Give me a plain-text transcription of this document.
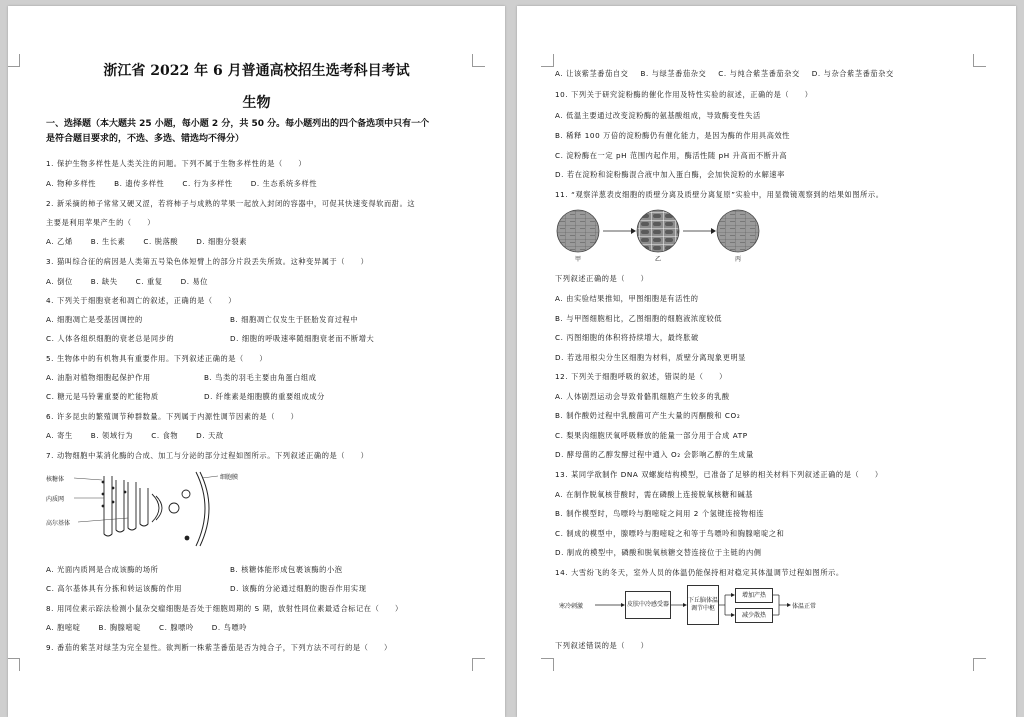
浙江省 2022 年 6 月普通高校招生选考科目考试
生物
一、选择题（本大题共 25 小题，每小题 2 分，共 50 分。每小题列出的四个备选项中只有一个
是符合题目要求的，不选、多选、错选均不得分）
1. 保护生物多样性是人类关注的问题。下列不属于生物多样性的是（　　）
A. 物种多样性	B. 遗传多样性	C. 行为多样性	D. 生态系统多样性
2. 新采摘的柿子常常又硬又涩，若将柿子与成熟的苹果一起放入封闭的容器中，可促其快速变得软而甜。这
主要是利用苹果产生的（　　）
A. 乙烯	B. 生长素	C. 脱落酸	D. 细胞分裂素
3. 猫叫综合征的病因是人类第五号染色体短臂上的部分片段丢失所致。这种变异属于（　　）
A. 倒位	B. 缺失	C. 重复	D. 易位
4. 下列关于细胞衰老和凋亡的叙述，正确的是（　　）
A. 细胞凋亡是受基因调控的	B. 细胞凋亡仅发生于胚胎发育过程中
C. 人体各组织细胞的衰老总是同步的	D. 细胞的呼吸速率随细胞衰老而不断增大
5. 生物体中的有机物具有重要作用。下列叙述正确的是（　　）
A. 油脂对植物细胞起保护作用	B. 鸟类的羽毛主要由角蛋白组成
C. 糖元是马铃薯重要的贮能物质	D. 纤维素是细胞膜的重要组成成分
6. 许多昆虫的繁殖调节种群数量。下列属于内源性调节因素的是（　　）
A. 寄生	B. 领域行为	C. 食物	D. 天敌
7. 动物细胞中某消化酶的合成、加工与分泌的部分过程如图所示。下列叙述正确的是（　　）
核糖体
内质网
高尔基体
细胞膜
A. 光面内质网是合成该酶的场所	B. 核糖体能形成包裹该酶的小泡
C. 高尔基体具有分拣和转运该酶的作用	D. 该酶的分泌通过细胞的胞吞作用实现
8. 用同位素示踪法检测小鼠杂交瘤细胞是否处于细胞周期的 S 期，放射性同位素最适合标记在（　　）
A. 胞嘧啶	B. 胸腺嘧啶	C. 腺嘌呤	D. 鸟嘌呤
9. 番茄的紫茎对绿茎为完全显性。欲判断一株紫茎番茄是否为纯合子，下列方法不可行的是（　　）
A. 让该紫茎番茄自交 B. 与绿茎番茄杂交 C. 与纯合紫茎番茄杂交 D. 与杂合紫茎番茄杂交
10. 下列关于研究淀粉酶的催化作用及特性实验的叙述，正确的是（　　）
A. 低温主要通过改变淀粉酶的氨基酸组成，导致酶变性失活
B. 稀释 100 万倍的淀粉酶仍有催化能力，是因为酶的作用具高效性
C. 淀粉酶在一定 pH 范围内起作用，酶活性随 pH 升高而不断升高
D. 若在淀粉和淀粉酶混合液中加入蛋白酶，会加快淀粉的水解速率
11. “观察洋葱表皮细胞的质壁分离及质壁分离复原”实验中，用显微镜观察到的结果如图所示。
甲	乙	丙
下列叙述正确的是（　　）
A. 由实验结果推知，甲图细胞是有活性的
B. 与甲图细胞相比，乙图细胞的细胞液浓度较低
C. 丙图细胞的体积将持续增大，最终胀破
D. 若选用根尖分生区细胞为材料，质壁分离现象更明显
12. 下列关于细胞呼吸的叙述，错误的是（　　）
A. 人体剧烈运动会导致骨骼肌细胞产生较多的乳酸
B. 制作酸奶过程中乳酸菌可产生大量的丙酮酸和 CO₂
C. 梨果肉细胞厌氧呼吸释放的能量一部分用于合成 ATP
D. 酵母菌的乙醇发酵过程中通入 O₂ 会影响乙醇的生成量
13. 某同学欲制作 DNA 双螺旋结构模型，已准备了足够的相关材料下列叙述正确的是（　　）
A. 在制作脱氧核苷酸时，需在磷酸上连接脱氧核糖和碱基
B. 制作模型时，鸟嘌呤与胞嘧啶之间用 2 个氢键连接物相连
C. 制成的模型中，腺嘌呤与胞嘧啶之和等于鸟嘌呤和胸腺嘧啶之和
D. 制成的模型中，磷酸和脱氧核糖交替连接位于主链的内侧
14. 大雪纷飞的冬天，室外人员的体温仍能保持相对稳定其体温调节过程如图所示。
寒冷刺激	皮肤中冷感受器
下丘脑体温调节中枢
增加产热
减少散热
体温正常
下列叙述错误的是（　　）
